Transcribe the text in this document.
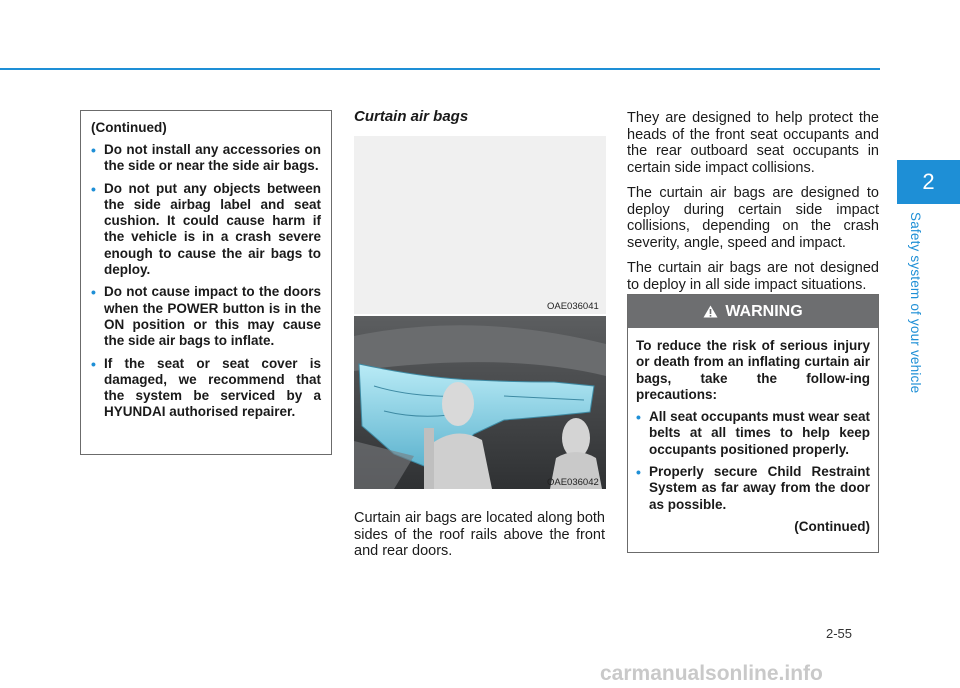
2
Safety system of your vehicle
(Continued)
• Do not install any accessories on the side or near the side air bags.
• Do not put any objects between the side airbag label and seat cushion. It could cause harm if the vehicle is in a crash severe enough to cause the air bags to deploy.
• Do not cause impact to the doors when the POWER button is in the ON position or this may cause the side air bags to inflate.
• If the seat or seat cover is damaged, we recommend that the system be serviced by a HYUNDAI authorised repairer.
Curtain air bags
OAE036041
OAE036042

Curtain air bags are located along both sides of the roof rails above the front and rear doors.

They are designed to help protect the heads of the front seat occupants and the rear outboard seat occupants in certain side impact collisions.

The curtain air bags are designed to deploy during certain side impact collisions, depending on the crash severity, angle, speed and impact.

The curtain air bags are not designed to deploy in all side impact situations.

WARNING

To reduce the risk of serious injury or death from an inflating curtain air bags, take the follow-ing precautions:

• All seat occupants must wear seat belts at all times to help keep occupants positioned properly.
• Properly secure Child Restraint System as far away from the door as possible.
(Continued)
2-55
carmanualsonline.info
